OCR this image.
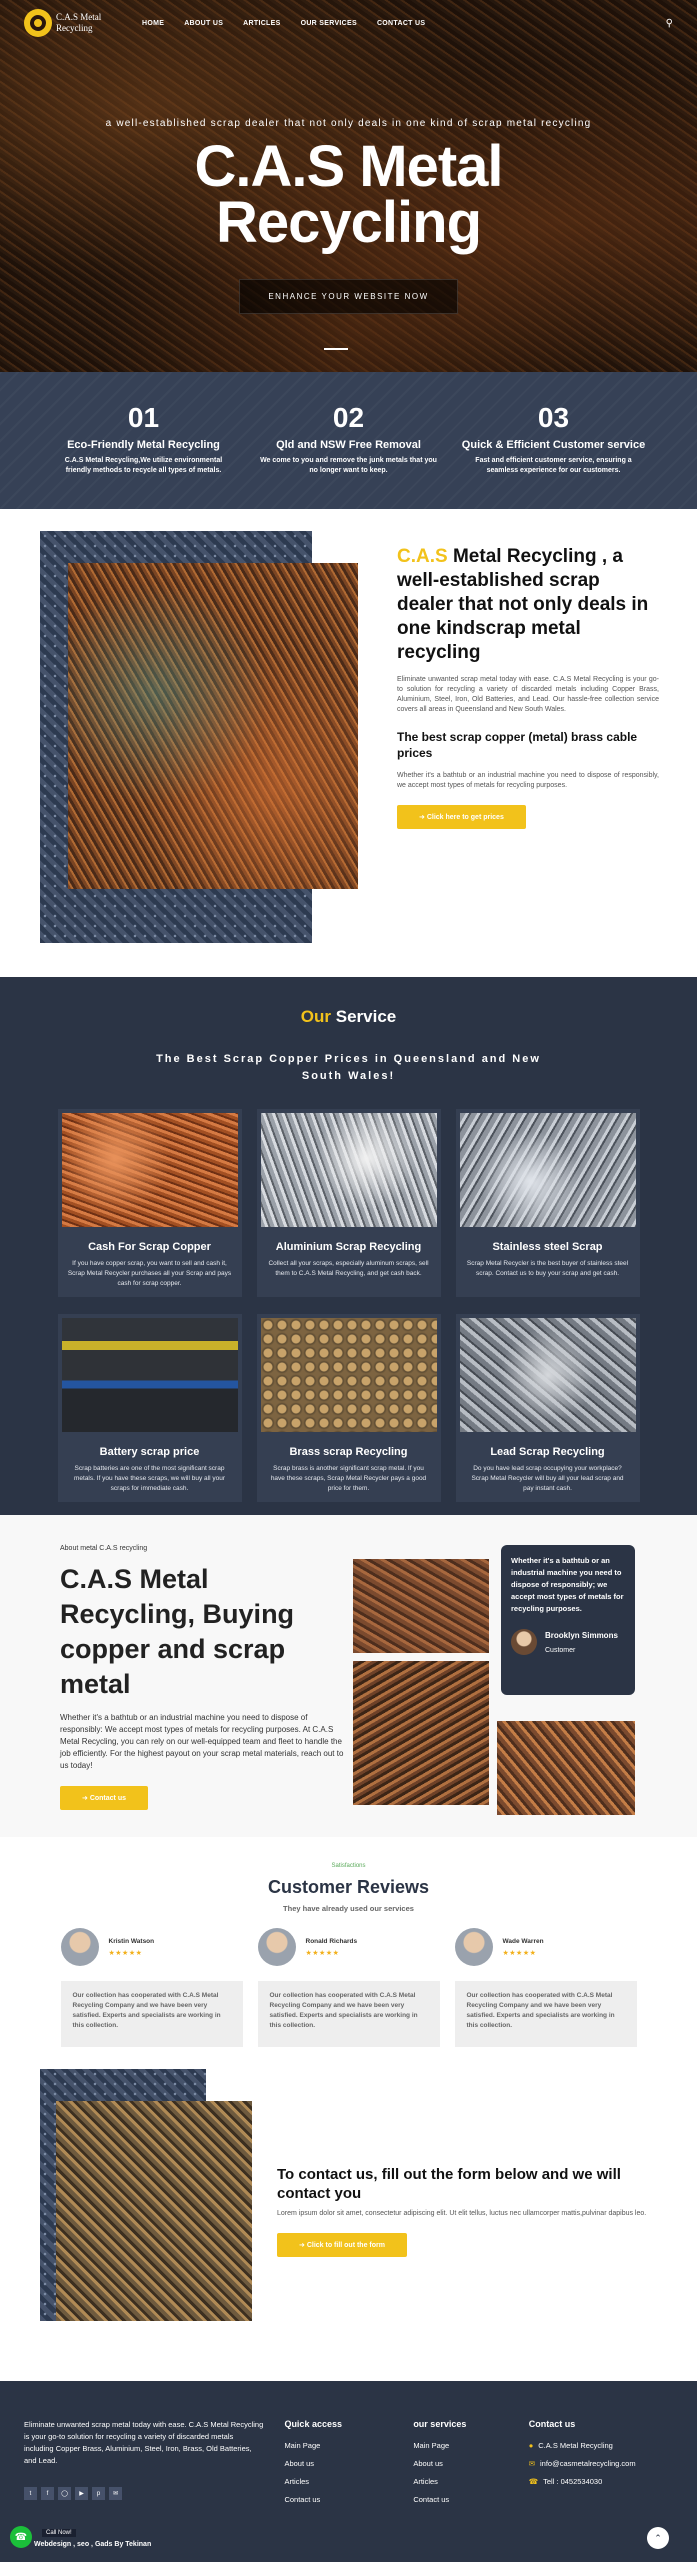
C.A.S Metal Recycling	HOME	ABOUT US	ARTICLES	OUR SERVICES	CONTACT US	⚲
a well-established scrap dealer that not only deals in one kind of scrap metal recycling
C.A.S Metal
Recycling
ENHANCE YOUR WEBSITE NOW
01
Eco-Friendly Metal Recycling
C.A.S Metal Recycling,We utilize environmental friendly methods to recycle all types of metals.
02
Qld and NSW Free Removal
We come to you and remove the junk metals that you no longer want to keep.
03
Quick & Efficient Customer service
Fast and efficient customer service, ensuring a seamless experience for our customers.
C.A.S Metal Recycling , a well-established scrap dealer that not only deals in one kindscrap metal recycling
Eliminate unwanted scrap metal today with ease. C.A.S Metal Recycling is your go-to solution for recycling a variety of discarded metals including Copper Brass, Aluminium, Steel, Iron, Old Batteries, and Lead. Our hassle-free collection service covers all areas in Queensland and New South Wales.
The best scrap copper (metal) brass cable prices
Whether it's a bathtub or an industrial machine you need to dispose of responsibly, we accept most types of metals for recycling purposes.
➜ Click here to get prices
Our Service
The Best Scrap Copper Prices in Queensland and New South Wales!
Cash For Scrap Copper
If you have copper scrap, you want to sell and cash it, Scrap Metal Recycler purchases all your Scrap and pays cash for scrap copper.
Aluminium Scrap Recycling
Collect all your scraps, especially aluminum scraps, sell them to C.A.S Metal Recycling, and get cash back.
Stainless steel Scrap
Scrap Metal Recycler is the best buyer of stainless steel scrap. Contact us to buy your scrap and get cash.
Battery scrap price
Scrap batteries are one of the most significant scrap metals. If you have these scraps, we will buy all your scraps for immediate cash.
Brass scrap Recycling
Scrap brass is another significant scrap metal. If you have these scraps, Scrap Metal Recycler pays a good price for them.
Lead Scrap Recycling
Do you have lead scrap occupying your workplace? Scrap Metal Recycler will buy all your lead scrap and pay instant cash.
About metal C.A.S recycling
C.A.S Metal Recycling, Buying copper and scrap metal
Whether it's a bathtub or an industrial machine you need to dispose of responsibly: We accept most types of metals for recycling purposes. At C.A.S Metal Recycling, you can rely on our well-equipped team and fleet to handle the job efficiently. For the highest payout on your scrap metal materials, reach out to us today!
➜ Contact us
Whether it's a bathtub or an industrial machine you need to dispose of responsibly; we accept most types of metals for recycling purposes.
Brooklyn Simmons
Customer
Satisfactions
Customer Reviews
They have already used our services
Kristin Watson
★★★★★
Our collection has cooperated with C.A.S Metal Recycling Company and we have been very satisfied. Experts and specialists are working in this collection.
Ronald Richards
★★★★★
Our collection has cooperated with C.A.S Metal Recycling Company and we have been very satisfied. Experts and specialists are working in this collection.
Wade Warren
★★★★★
Our collection has cooperated with C.A.S Metal Recycling Company and we have been very satisfied. Experts and specialists are working in this collection.
To contact us, fill out the form below and we will contact you
Lorem ipsum dolor sit amet, consectetur adipiscing elit. Ut elit tellus, luctus nec ullamcorper mattis,pulvinar dapibus leo.
➜ Click to fill out the form
Eliminate unwanted scrap metal today with ease. C.A.S Metal Recycling is your go-to solution for recycling a variety of discarded metals including Copper Brass, Aluminium, Steel, Iron, Brass, Old Batteries, and Lead.
t	f	◯	▶	p	✉
Quick access
Main Page
About us
Articles
Contact us
our services
Main Page
About us
Articles
Contact us
Contact us
● C.A.S Metal Recycling
✉ info@casmetalrecycling.com
☎ Tell : 0452534030
☎	Call Now!
Webdesign , seo , Gads By Tekinan
⌃
